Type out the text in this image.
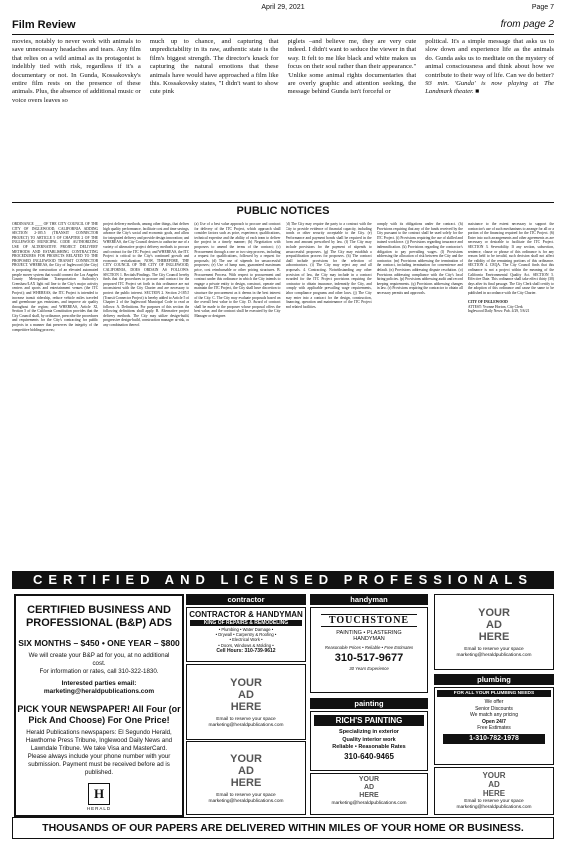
April 29, 2021	Page 7
Film Review	from page 2
movies, notably to never work with animals to save unnecessary headaches and tears. Any film that relies on a wild animal as its protagonist is indelibly tied with risk, regardless if it's a documentary or not. In Gunda, Kossakovsky's entire film rests on the presence of these animals. Plus, the absence of additional music or voice overs leaves so
much up to chance, and capturing that unpredictability in its raw, authentic state is the film's biggest strength. The director's knack for capturing the natural emotions that these animals have would have approached a film like this. Kossakovsky states, "I didn't want to show cute pink
piglets –and believe me, they are very cute indeed. I didn't want to seduce the viewer in that way. It felt to me like black and white makes us focus on their soul rather than their appearance." 'Unlike some animal rights documentaries that are overly graphic and attention seeking, the message behind Gunda isn't forceful or
political. It's a simple message that asks us to slow down and experience life as the animals do. Gunda asks us to meditate on the mystery of animal consciousness and think about how we contribute to their way of life. Can we do better?
93 min. 'Gunda' is now playing at The Landmark theater. ■
PUBLIC NOTICES
ORDINANCE ____ OF THE CITY COUNCIL OF THE CITY OF INGLEWOOD, CALIFORNIA ADDING SECTION 2-185.5 (TRANSIT CONNECTOR PROJECT) TO ARTICLE 5 OF CHAPTER 2 OF THE INGLEWOOD MUNICIPAL CODE AUTHORIZING USE OF ALTERNATIVE PROJECT DELIVERY METHODS AND ESTABLISHING CONTRACTING PROCEDURES FOR PROJECTS RELATED TO THE PROPOSED INGLEWOOD TRANSIT CONNECTOR PROJECT. WHEREAS, the City of Inglewood (the City) is proposing the construction of an elevated automated people mover system that would connect the Los Angeles County Metropolitan Transportation Authority's Crenshaw/LAX light rail line to the City's major activity centers and sports and entertainment venues (the ITC Project); and WHEREAS, the ITC Project is intended to increase transit ridership, reduce vehicle miles traveled and greenhouse gas emissions, and improve air quality throughout the region; and WHEREAS, Article XI, Section 5 of the California Constitution provides that the City Council shall, by ordinance, prescribe the procedures and requirements for the City's contracting for public projects in a manner that preserves the integrity of the competitive bidding process;
project delivery methods, among other things, that deliver high quality performance, facilitate cost and time savings, advance the City's social and economic goals, and allow for integrated delivery and provide design innovation; and WHEREAS, the City Council desires to authorize use of a variety of alternative project delivery methods to procure and contract for the ITC Project; and WHEREAS, the ITC Project is critical to the City's continued growth and economic revitalization; NOW, THEREFORE, THE CITY COUNCIL OF THE CITY OF INGLEWOOD, CALIFORNIA, DOES ORDAIN AS FOLLOWS: SECTION 1. Recitals/Findings. The City Council hereby finds that the procedures to procure and contract for the proposed ITC Project set forth in this ordinance are not inconsistent with the City Charter and are necessary to protect the public interest. SECTION 2. Section 2-185.5 (Transit Connector Project) is hereby added to Article 5 of Chapter 2 of the Inglewood Municipal Code to read as follows: A. Definitions. For purposes of this section the following definitions shall apply. B. Alternative project delivery methods. The City may utilize design-build, progressive design-build, construction manager at-risk, or any combination thereof.
(a) Use of a best value approach to procure and contract for delivery of the ITC Project, which approach shall consider factors such as price, experience, qualifications, technical expertise and the ability of each team to deliver the project in a timely manner; (b) Negotiation with proposers to amend the terms of the contract; (c) Procurement through a one or two step process, including a request for qualifications, followed by a request for proposals; (d) The use of stipends for unsuccessful proposers; (e) Use of lump sum, guaranteed maximum price, cost reimbursable or other pricing structures. B. Procurement Process. With respect to procurement and contract under this ordinance in which the City intends to engage a private entity to design, construct, operate and maintain the ITC Project, the City shall have discretion to structure the procurement as it deems in the best interest of the City. C. The City may evaluate proposals based on the overall best value to the City. D. Award of contract shall be made to the proposer whose proposal offers the best value, and the contract shall be executed by the City Manager or designee.
(d) The City may require the party to a contract with the City to provide evidence of financial capacity, including bonds or other security acceptable to the City. (e) Performance and payment bonds shall be required in the form and amount prescribed by law. (f) The City may include provisions for the payment of stipends to unsuccessful proposers. (g) The City may establish a prequalification process for proposers. (h) The contract shall include provisions for the selection of subcontractors. (i) The City may reject any and all proposals. 4. Contracting. Notwithstanding any other provision of law, the City may include in a contract awarded for the ITC Project provisions requiring the contractor to obtain insurance, indemnify the City, and comply with applicable prevailing wage requirements, labor compliance programs and other laws. (j) The City may enter into a contract for the design, construction, financing, operation and maintenance of the ITC Project and related facilities.
comply with its obligations under the contract. (h) Provisions requiring that any of the funds received by the City pursuant to the contract shall be used solely for the ITC Project. (i) Provisions requiring the use of skilled and trained workforce. (j) Provisions regarding insurance and indemnification. (k) Provisions regarding the contractor's obligation to pay prevailing wages. (l) Provisions addressing the allocation of risk between the City and the contractor. (m) Provisions addressing the termination of the contract, including termination for convenience and default. (n) Provisions addressing dispute resolution. (o) Provisions addressing compliance with the City's local hiring policies. (p) Provisions addressing audit and record keeping requirements. (q) Provisions addressing changes in law. (r) Provisions requiring the contractor to obtain all necessary permits and approvals.
assistance to the extent necessary to support the contractor's use of such mechanisms to arrange for all or a portion of the financing required for the ITC Project. (6) Enter into such arrangements and other agreements as are necessary or desirable to facilitate the ITC Project. SECTION 3. Severability. If any section, subsection, sentence, clause or phrase of this ordinance is for any reason held to be invalid, such decision shall not affect the validity of the remaining portions of this ordinance. SECTION 4. CEQA. The City Council finds that this ordinance is not a project within the meaning of the California Environmental Quality Act. SECTION 5. Effective Date. This ordinance shall take effect thirty (30) days after its final passage. The City Clerk shall certify to the adoption of this ordinance and cause the same to be published in accordance with the City Charter.

CITY OF INGLEWOOD
ATTEST: Yvonne Horton, City Clerk
Inglewood Daily News: Pub. 4/29, 5/6/21
CERTIFIED AND LICENSED PROFESSIONALS
CERTIFIED BUSINESS AND PROFESSIONAL (B&P) ADS
SIX MONTHS – $450 • ONE YEAR – $800
We will create your B&P ad for you, at no additional cost.
For information or rates, call 310-322-1830.
Interested parties email:
marketing@heraldpublications.com
PICK YOUR NEWSPAPER! All Four (or Pick And Choose) For One Price!
Herald Publications newspapers: El Segundo Herald, Hawthorne Press Tribune, Inglewood Daily News and Lawndale Tribune. We take Visa and MasterCard. Please always include your phone number with your submission. Payment must be received before ad is published.
H
HERALD
contractor	handyman
painting
plumbing
CONTRACTOR & HANDYMAN
KING OF REPAIRS & REMODELING
• Plumbing • Water Damage •
• Drywall • Carpentry & Roofing •
• Electrical Work •
• Doors, Windows & Molding •
Cell Hours: 310-739-9612
TOUCHSTONE
PAINTING • PLASTERING
HANDYMAN
Reasonable Prices • Reliable • Free Estimates
310-517-9677
30 Years Experience
RICH'S PAINTING
Specializing in exterior
Quality interior work
Reliable • Reasonable Rates
310-640-9465
FOR ALL YOUR PLUMBING NEEDS
We offer
Senior Discounts
We match any pricing
Open 24/7
Free Estimates
1-310-782-1978
YOUR
AD
HERE
Email to reserve your space
marketing@heraldpublications.com
YOUR
AD
HERE
Email to reserve your space
marketing@heraldpublications.com
YOUR
AD
HERE
Email to reserve your space
marketing@heraldpublications.com
YOUR
AD
HERE
Email to reserve your space
marketing@heraldpublications.com
YOUR
AD
HERE
marketing@heraldpublications.com
THOUSANDS OF OUR PAPERS ARE DELIVERED WITHIN MILES OF YOUR HOME OR BUSINESS.
